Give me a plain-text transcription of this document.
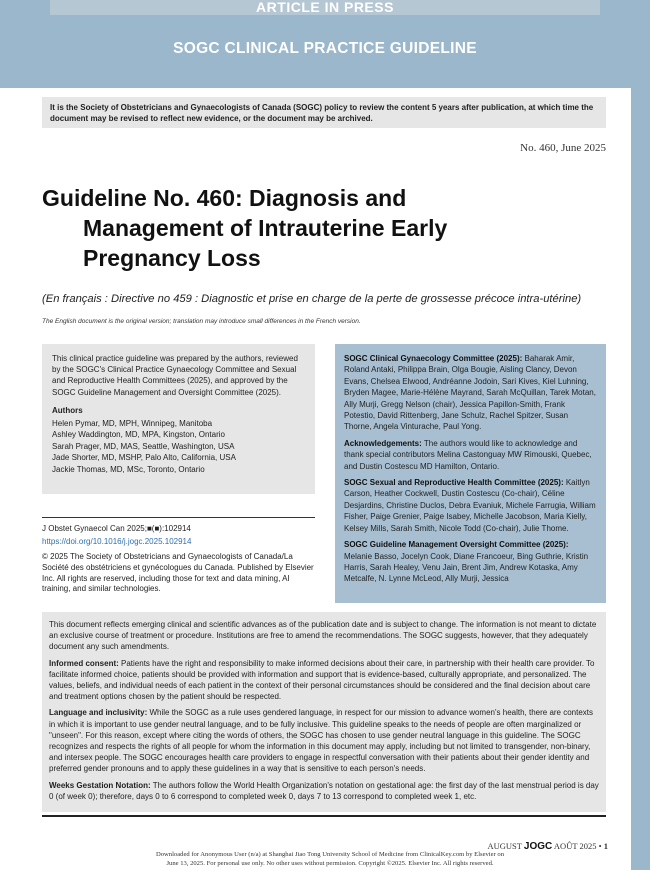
ARTICLE IN PRESS
SOGC CLINICAL PRACTICE GUIDELINE
It is the Society of Obstetricians and Gynaecologists of Canada (SOGC) policy to review the content 5 years after publication, at which time the document may be revised to reflect new evidence, or the document may be archived.
No. 460, June 2025
Guideline No. 460: Diagnosis and
Management of Intrauterine Early
Pregnancy Loss
(En français : Directive no 459 : Diagnostic et prise en charge de la perte de grossesse précoce intra-utérine)
The English document is the original version; translation may introduce small differences in the French version.
This clinical practice guideline was prepared by the authors, reviewed by the SOGC's Clinical Practice Gynaecology Committee and Sexual and Reproductive Health Committees (2025), and approved by the SOGC Guideline Management and Oversight Committee (2025).
Authors
Helen Pymar, MD, MPH, Winnipeg, Manitoba
Ashley Waddington, MD, MPA, Kingston, Ontario
Sarah Prager, MD, MAS, Seattle, Washington, USA
Jade Shorter, MD, MSHP, Palo Alto, California, USA
Jackie Thomas, MD, MSc, Toronto, Ontario
J Obstet Gynaecol Can 2025;■(■):102914
https://doi.org/10.1016/j.jogc.2025.102914
© 2025 The Society of Obstetricians and Gynaecologists of Canada/La Société des obstétriciens et gynécologues du Canada. Published by Elsevier Inc. All rights are reserved, including those for text and data mining, AI training, and similar technologies.

SOGC Clinical Gynaecology Committee (2025): Baharak Amir, Roland Antaki, Philippa Brain, Olga Bougie, Aisling Clancy, Devon Evans, Chelsea Elwood, Andréanne Jodoin, Sari Kives, Kiel Luhning, Bryden Magee, Marie-Hélène Mayrand, Sarah McQuillan, Tarek Motan, Ally Murji, Gregg Nelson (chair), Jessica Papillon-Smith, Frank Potestio, David Rittenberg, Jane Schulz, Rachel Spitzer, Susan Thorne, Angela Vinturache, Paul Yong.

Acknowledgements: The authors would like to acknowledge and thank special contributors Melina Castonguay MW Rimouski, Quebec, and Dustin Costescu MD Hamilton, Ontario.

SOGC Sexual and Reproductive Health Committee (2025): Kaitlyn Carson, Heather Cockwell, Dustin Costescu (Co-chair), Céline Desjardins, Christine Duclos, Debra Evaniuk, Michele Farrugia, William Fisher, Paige Grenier, Paige Isabey, Michelle Jacobson, Maria Kielly, Kelsey Mills, Sarah Smith, Nicole Todd (Co-chair), Julie Thome.

SOGC Guideline Management Oversight Committee (2025): Melanie Basso, Jocelyn Cook, Diane Francoeur, Bing Guthrie, Kristin Harris, Sarah Healey, Venu Jain, Brent Jim, Andrew Kotaska, Amy Metcalfe, N. Lynne McLeod, Ally Murji, Jessica

This document reflects emerging clinical and scientific advances as of the publication date and is subject to change. The information is not meant to dictate an exclusive course of treatment or procedure. Institutions are free to amend the recommendations. The SOGC suggests, however, that they adequately document any such amendments.

Informed consent: Patients have the right and responsibility to make informed decisions about their care, in partnership with their health care provider. To facilitate informed choice, patients should be provided with information and support that is evidence-based, culturally appropriate, and personalized. The values, beliefs, and individual needs of each patient in the context of their personal circumstances should be considered and the final decision about care and treatment options chosen by the patient should be respected.

Language and inclusivity: While the SOGC as a rule uses gendered language, in respect for our mission to advance women's health, there are contexts in which it is important to use gender neutral language, and to be fully inclusive. This guideline speaks to the needs of people are often marginalized or "unseen". For this reason, except where citing the words of others, the SOGC has chosen to use gender neutral language in this guideline. The SOGC recognizes and respects the rights of all people for whom the information in this document may apply, including but not limited to transgender, non-binary, and intersex people. The SOGC encourages health care providers to engage in respectful conversation with their patients about their gender identity and preferred gender pronouns and to apply these guidelines in a way that is sensitive to each person's needs.

Weeks Gestation Notation: The authors follow the World Health Organization's notation on gestational age: the first day of the last menstrual period is day 0 (of week 0); therefore, days 0 to 6 correspond to completed week 0, days 7 to 13 correspond to completed week 1, etc.

AUGUST JOGC AOÛT 2025 • 1
Downloaded for Anonymous User (n/a) at Shanghai Jiao Tong University School of Medicine from ClinicalKey.com by Elsevier on
June 13, 2025. For personal use only. No other uses without permission. Copyright ©2025. Elsevier Inc. All rights reserved.
